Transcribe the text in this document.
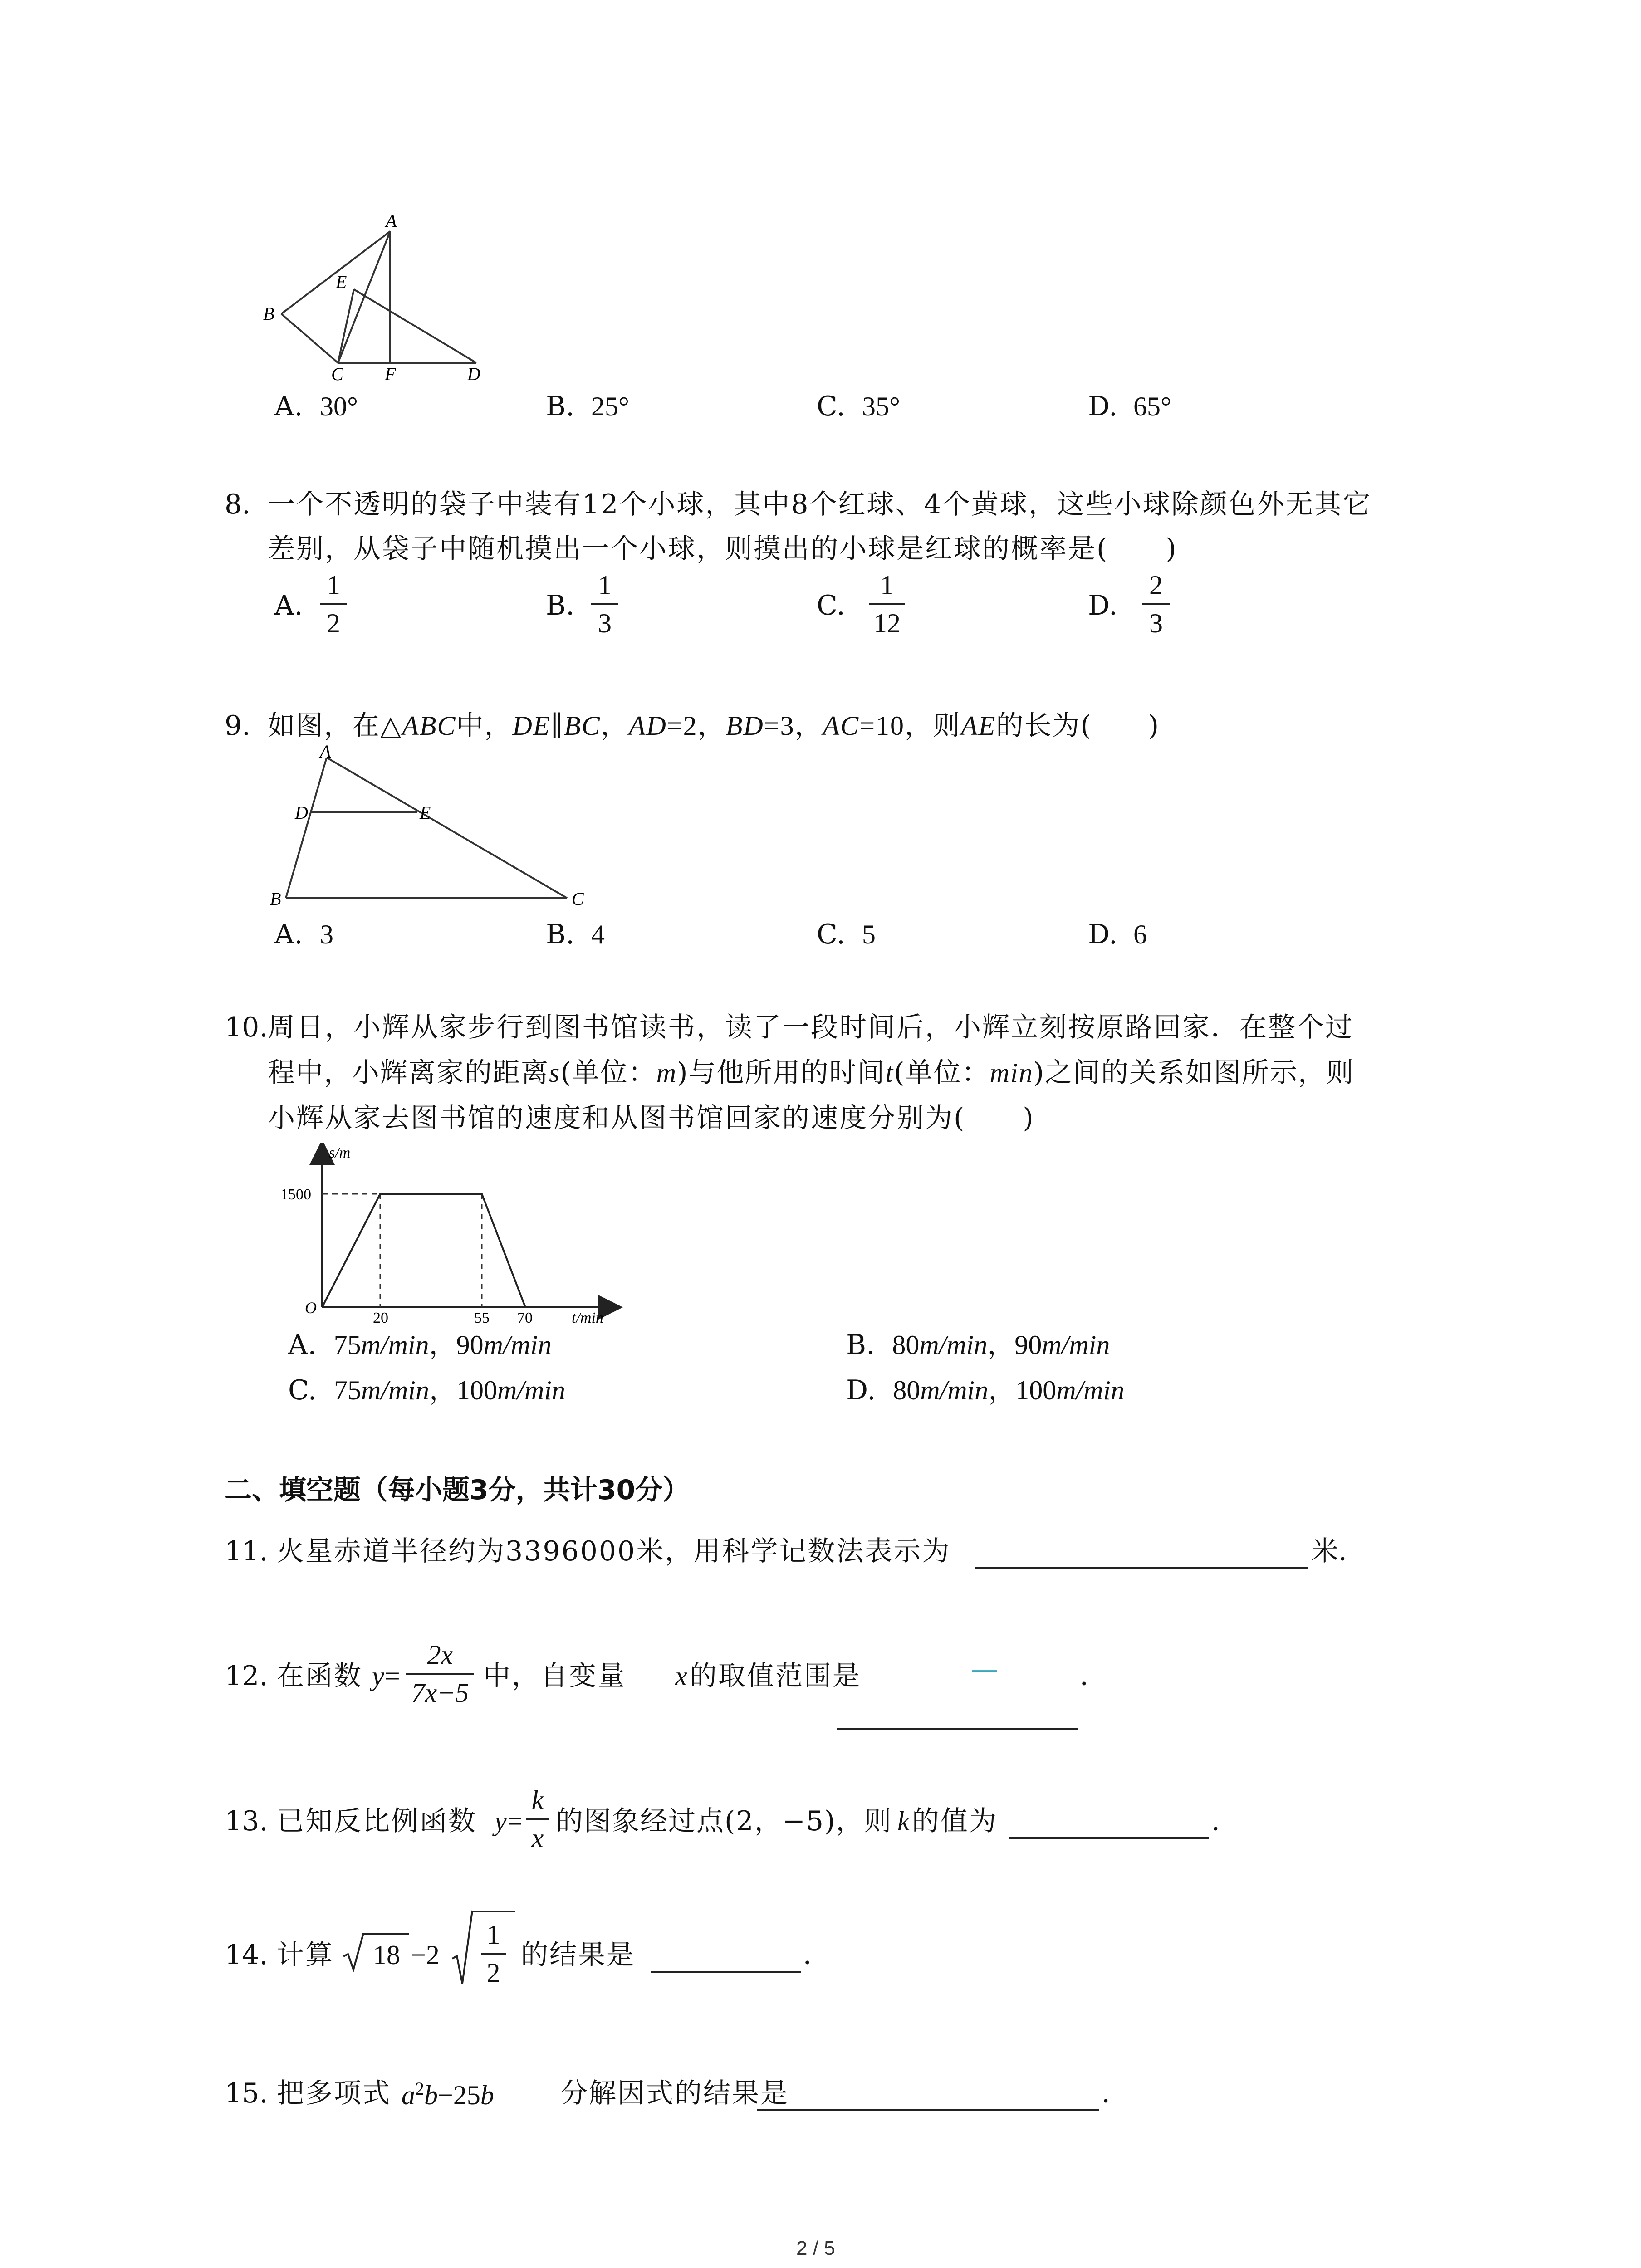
A
E
B
C F	D
A. 30°	B. 25°	C. 35°	D. 65°
8. 一个不透明的袋子中装有12个小球，其中8个红球、4个黄球，这些小球除颜色外无其它
差别，从袋子中随机摸出一个小球，则摸出的小球是红球的概率是(　　)
A.
1
2
B.
1
3
C.
1
12
D.
2
3
9. 如图，在△ABC中，DE∥BC，AD=2，BD=3，AC=10，则AE的长为(　　)
A
D	E
B	C
A. 3	B. 4	C. 5	D. 6
10. 周日，小辉从家步行到图书馆读书，读了一段时间后，小辉立刻按原路回家．在整个过
程中，小辉离家的距离s(单位：m)与他所用的时间t(单位：min)之间的关系如图所示，则
小辉从家去图书馆的速度和从图书馆回家的速度分别为(　　)
s/m
1500
O
20	55 70	t/min
A. 75m/min，90m/min	B. 80m/min，90m/min
C. 75m/min，100m/min	D. 80m/min，100m/min
二、填空题（每小题3分，共计30分）
11. 火星赤道半径约为3396000米，用科学记数法表示为	米．
12. 在函数 y =
2x
7x−5
中，自变量 x 的取值范围是	—	．
13. 已知反比例函数 y =
k
x
的图象经过点(2，−5)，则 k 的值为	．
14. 计算 18 −2
1
2
的结果是	．
15. 把多项式 $a^2b-25b$ 分解因式的结果是	．
2 / 5
